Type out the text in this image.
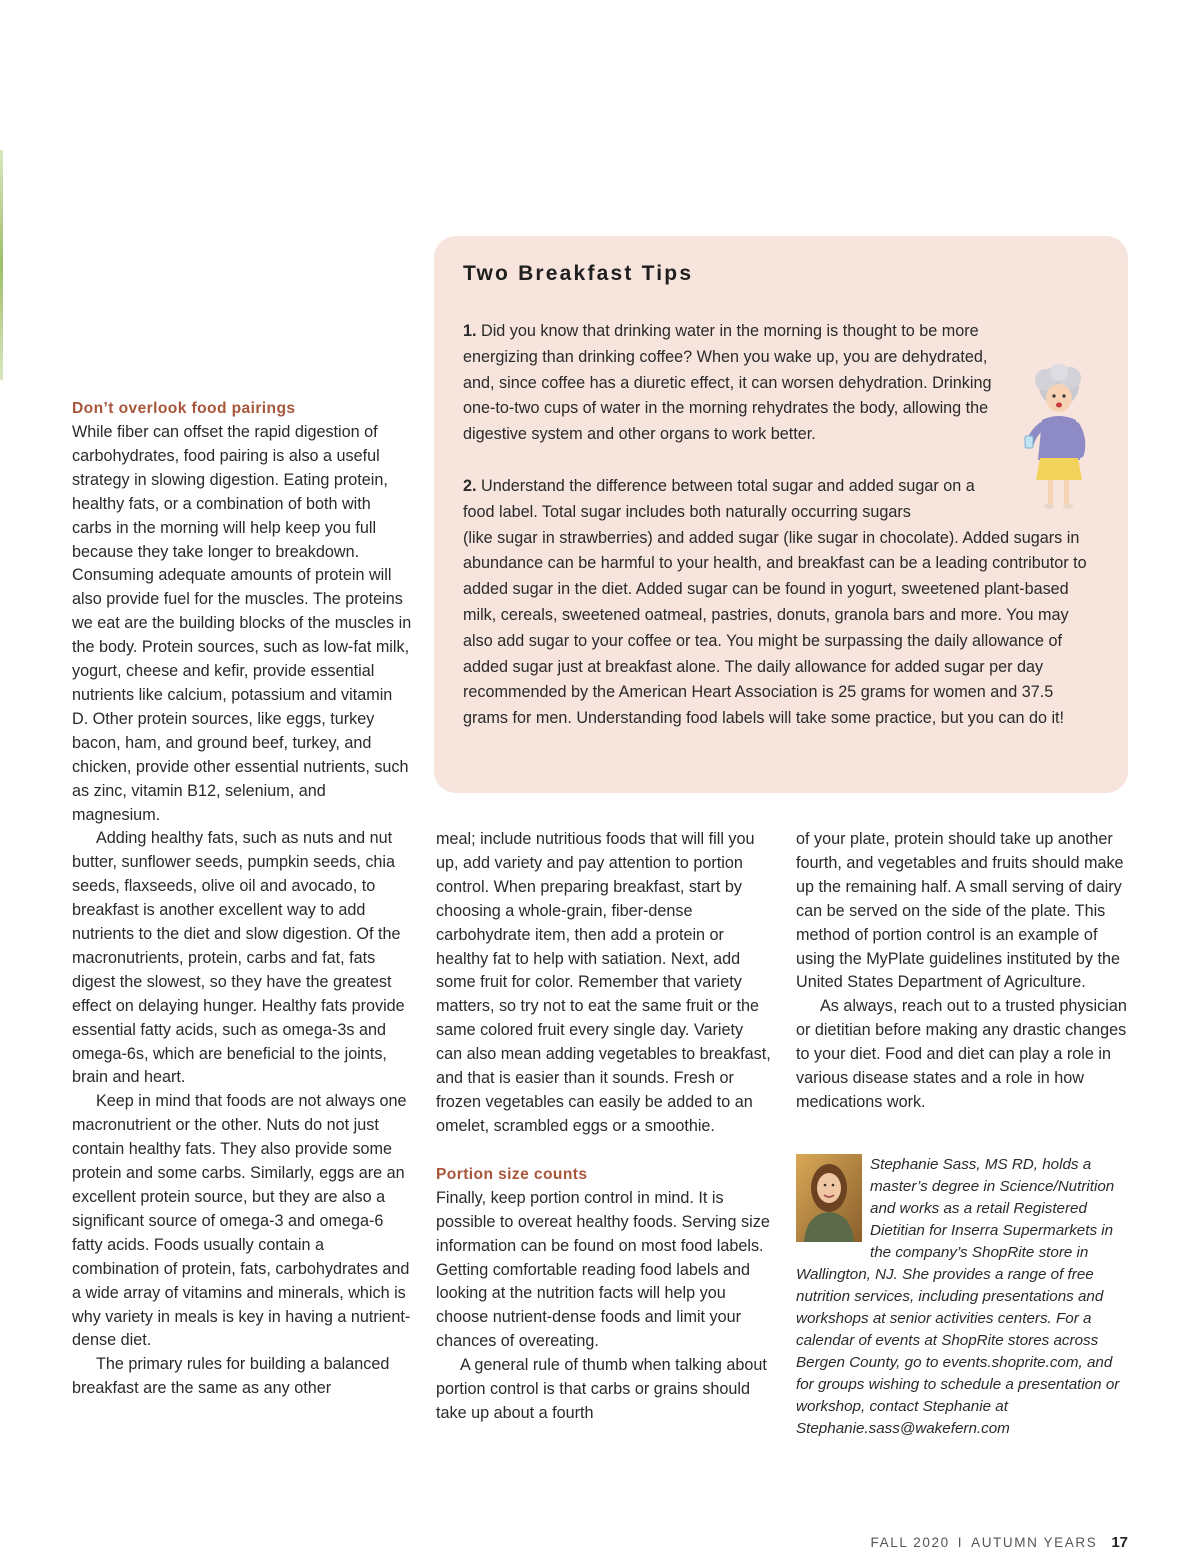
Two Breakfast Tips

1. Did you know that drinking water in the morning is thought to be more energizing than drinking coffee? When you wake up, you are dehydrated, and, since coffee has a diuretic effect, it can worsen dehydration. Drinking one-to-two cups of water in the morning rehydrates the body, allowing the digestive system and other organs to work better.

2. Understand the difference between total sugar and added sugar on a food label. Total sugar includes both naturally occurring sugars
(like sugar in strawberries) and added sugar (like sugar in chocolate). Added sugars in abundance can be harmful to your health, and breakfast can be a leading contributor to added sugar in the diet. Added sugar can be found in yogurt, sweetened plant-based milk, cereals, sweetened oatmeal, pastries, donuts, granola bars and more. You may also add sugar to your coffee or tea. You might be surpassing the daily allowance of added sugar just at breakfast alone. The daily allowance for added sugar per day recommended by the American Heart Association is 25 grams for women and 37.5 grams for men. Understanding food labels will take some practice, but you can do it!

Don’t overlook food pairings

While fiber can offset the rapid digestion of carbohydrates, food pairing is also a useful strategy in slowing digestion. Eating protein, healthy fats, or a combination of both with carbs in the morning will help keep you full because they take longer to breakdown. Consuming adequate amounts of protein will also provide fuel for the muscles. The proteins we eat are the building blocks of the muscles in the body. Protein sources, such as low-fat milk, yogurt, cheese and kefir, provide essential nutrients like calcium, potassium and vitamin D. Other protein sources, like eggs, turkey bacon, ham, and ground beef, turkey, and chicken, provide other essential nutrients, such as zinc, vitamin B12, selenium, and magnesium.

Adding healthy fats, such as nuts and nut butter, sunflower seeds, pumpkin seeds, chia seeds, flaxseeds, olive oil and avocado, to breakfast is another excellent way to add nutrients to the diet and slow digestion. Of the macronutrients, protein, carbs and fat, fats digest the slowest, so they have the greatest effect on delaying hunger. Healthy fats provide essential fatty acids, such as omega-3s and omega-6s, which are beneficial to the joints, brain and heart.

Keep in mind that foods are not always one macronutrient or the other. Nuts do not just contain healthy fats. They also provide some protein and some carbs. Similarly, eggs are an excellent protein source, but they are also a significant source of omega-3 and omega-6 fatty acids. Foods usually contain a combination of protein, fats, carbohydrates and a wide array of vitamins and minerals, which is why variety in meals is key in having a nutrient-dense diet.

The primary rules for building a balanced breakfast are the same as any other

meal; include nutritious foods that will fill you up, add variety and pay attention to portion control. When preparing breakfast, start by choosing a whole-grain, fiber-dense carbohydrate item, then add a protein or healthy fat to help with satiation. Next, add some fruit for color. Remember that variety matters, so try not to eat the same fruit or the same colored fruit every single day. Variety can also mean adding vegetables to breakfast, and that is easier than it sounds. Fresh or frozen vegetables can easily be added to an omelet, scrambled eggs or a smoothie.

Portion size counts

Finally, keep portion control in mind. It is possible to overeat healthy foods. Serving size information can be found on most food labels. Getting comfortable reading food labels and looking at the nutrition facts will help you choose nutrient-dense foods and limit your chances of overeating.

A general rule of thumb when talking about portion control is that carbs or grains should take up about a fourth

of your plate, protein should take up another fourth, and vegetables and fruits should make up the remaining half. A small serving of dairy can be served on the side of the plate. This method of portion control is an example of using the MyPlate guidelines instituted by the United States Department of Agriculture.

As always, reach out to a trusted physician or dietitian before making any drastic changes to your diet. Food and diet can play a role in various disease states and a role in how medications work.

Stephanie Sass, MS RD, holds a master’s degree in Science/Nutrition and works as a retail Registered Dietitian for Inserra Supermarkets in the company’s ShopRite store in Wallington, NJ. She provides a range of free nutrition services, including presentations and workshops at senior activities centers. For a calendar of events at ShopRite stores across Bergen County, go to events.shoprite.com, and for groups wishing to schedule a presentation or workshop, contact Stephanie at Stephanie.sass@wakefern.com

FALL 2020 I AUTUMN YEARS 17
